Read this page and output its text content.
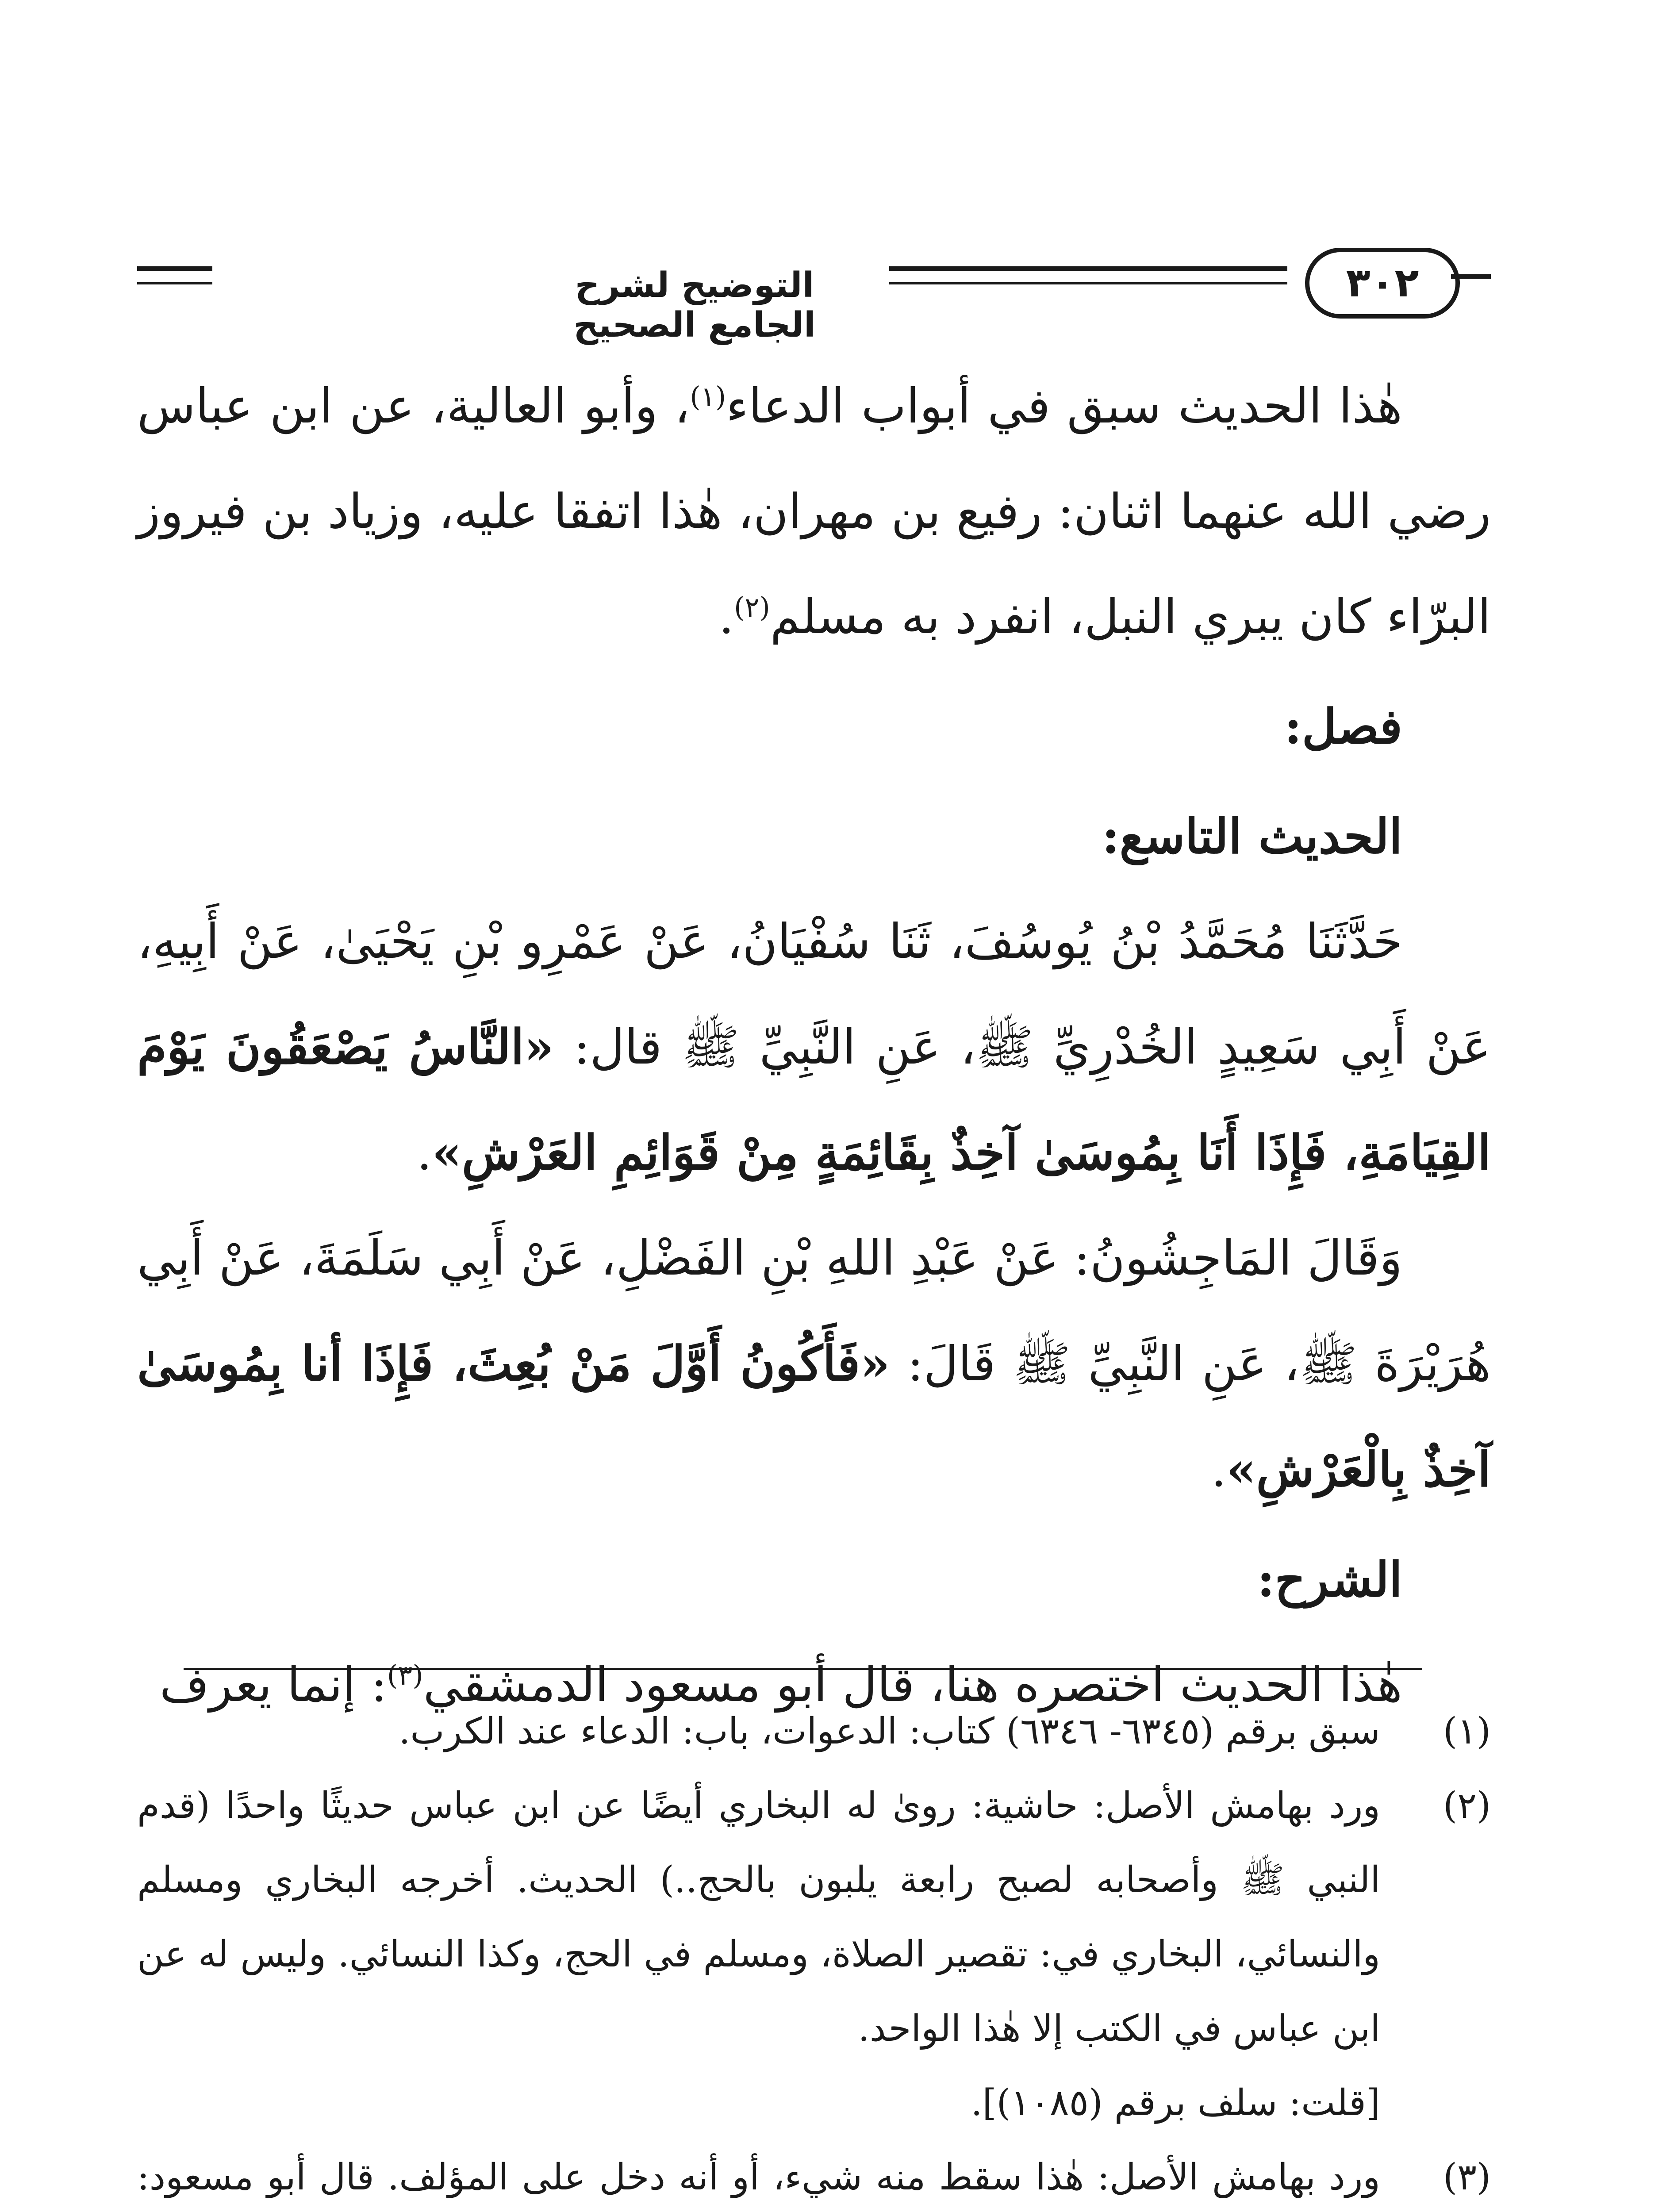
التوضيح لشرح الجامع الصحيح
٣٠٢

هٰذا الحديث سبق في أبواب الدعاء$^{(١)}$، وأبو العالية، عن ابن عباس رضي الله عنهما اثنان: رفيع بن مهران، هٰذا اتفقا عليه، وزياد بن فيروز البرّاء كان يبري النبل، انفرد به مسلم$^{(٢)}$.

فصل:

الحديث التاسع:

حَدَّثَنَا مُحَمَّدُ بْنُ يُوسُفَ، ثَنَا سُفْيَانُ، عَنْ عَمْرِو بْنِ يَحْيَىٰ، عَنْ أَبِيهِ، عَنْ أَبِي سَعِيدٍ الخُدْرِيِّ ﷺ، عَنِ النَّبِيِّ ﷺ قال: «النَّاسُ يَصْعَقُونَ يَوْمَ القِيَامَةِ، فَإِذَا أَنَا بِمُوسَىٰ آخِذٌ بِقَائِمَةٍ مِنْ قَوَائِمِ العَرْشِ».

وَقَالَ المَاجِشُونُ: عَنْ عَبْدِ اللهِ بْنِ الفَضْلِ، عَنْ أَبِي سَلَمَةَ، عَنْ أَبِي هُرَيْرَةَ ﷺ، عَنِ النَّبِيِّ ﷺ قَالَ: «فَأَكُونُ أَوَّلَ مَنْ بُعِثَ، فَإِذَا أنا بِمُوسَىٰ آخِذٌ بِالْعَرْشِ».

الشرح:

هٰذا الحديث اختصره هنا، قال أبو مسعود الدمشقي$^{(٣)}$: إنما يعرف

(١)

سبق برقم (٦٣٤٥- ٦٣٤٦) كتاب: الدعوات، باب: الدعاء عند الكرب.

(٢)

ورد بهامش الأصل: حاشية: روىٰ له البخاري أيضًا عن ابن عباس حديثًا واحدًا (قدم النبي ﷺ وأصحابه لصبح رابعة يلبون بالحج..) الحديث. أخرجه البخاري ومسلم والنسائي، البخاري في: تقصير الصلاة، ومسلم في الحج، وكذا النسائي. وليس له عن ابن عباس في الكتب إلا هٰذا الواحد.

[قلت: سلف برقم (١٠٨٥)].

(٣)

ورد بهامش الأصل: هٰذا سقط منه شيء، أو أنه دخل على المؤلف. قال أبو مسعود:
